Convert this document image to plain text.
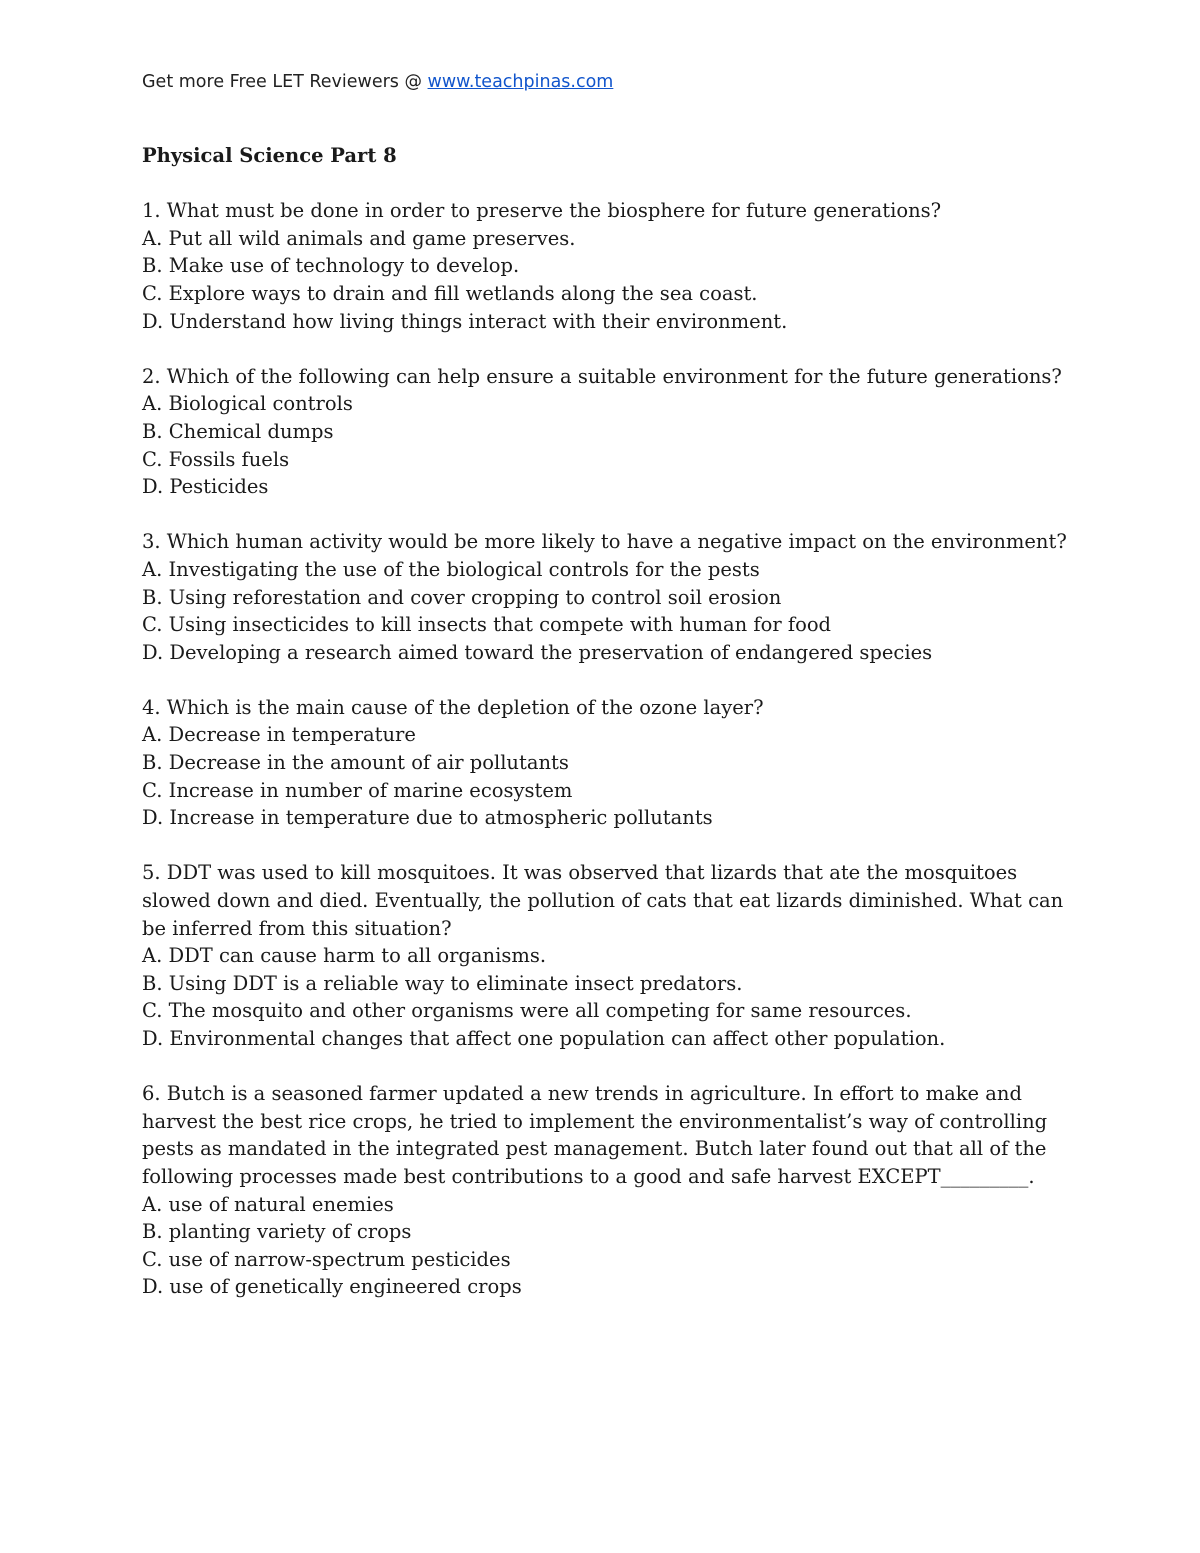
Get more Free LET Reviewers @ www.teachpinas.com

Physical Science Part 8

1. What must be done in order to preserve the biosphere for future generations?

A. Put all wild animals and game preserves.

B. Make use of technology to develop.

C. Explore ways to drain and fill wetlands along the sea coast.

D. Understand how living things interact with their environment.

2. Which of the following can help ensure a suitable environment for the future generations?

A. Biological controls

B. Chemical dumps

C. Fossils fuels

D. Pesticides

3. Which human activity would be more likely to have a negative impact on the environment?

A. Investigating the use of the biological controls for the pests

B. Using reforestation and cover cropping to control soil erosion

C. Using insecticides to kill insects that compete with human for food

D. Developing a research aimed toward the preservation of endangered species

4. Which is the main cause of the depletion of the ozone layer?

A. Decrease in temperature

B. Decrease in the amount of air pollutants

C. Increase in number of marine ecosystem

D. Increase in temperature due to atmospheric pollutants

5. DDT was used to kill mosquitoes. It was observed that lizards that ate the mosquitoes slowed down and died. Eventually, the pollution of cats that eat lizards diminished. What can be inferred from this situation?

A. DDT can cause harm to all organisms.

B. Using DDT is a reliable way to eliminate insect predators.

C. The mosquito and other organisms were all competing for same resources.

D. Environmental changes that affect one population can affect other population.

6. Butch is a seasoned farmer updated a new trends in agriculture. In effort to make and harvest the best rice crops, he tried to implement the environmentalist’s way of controlling pests as mandated in the integrated pest management. Butch later found out that all of the following processes made best contributions to a good and safe harvest EXCEPT_________.

A. use of natural enemies

B. planting variety of crops

C. use of narrow-spectrum pesticides

D. use of genetically engineered crops
